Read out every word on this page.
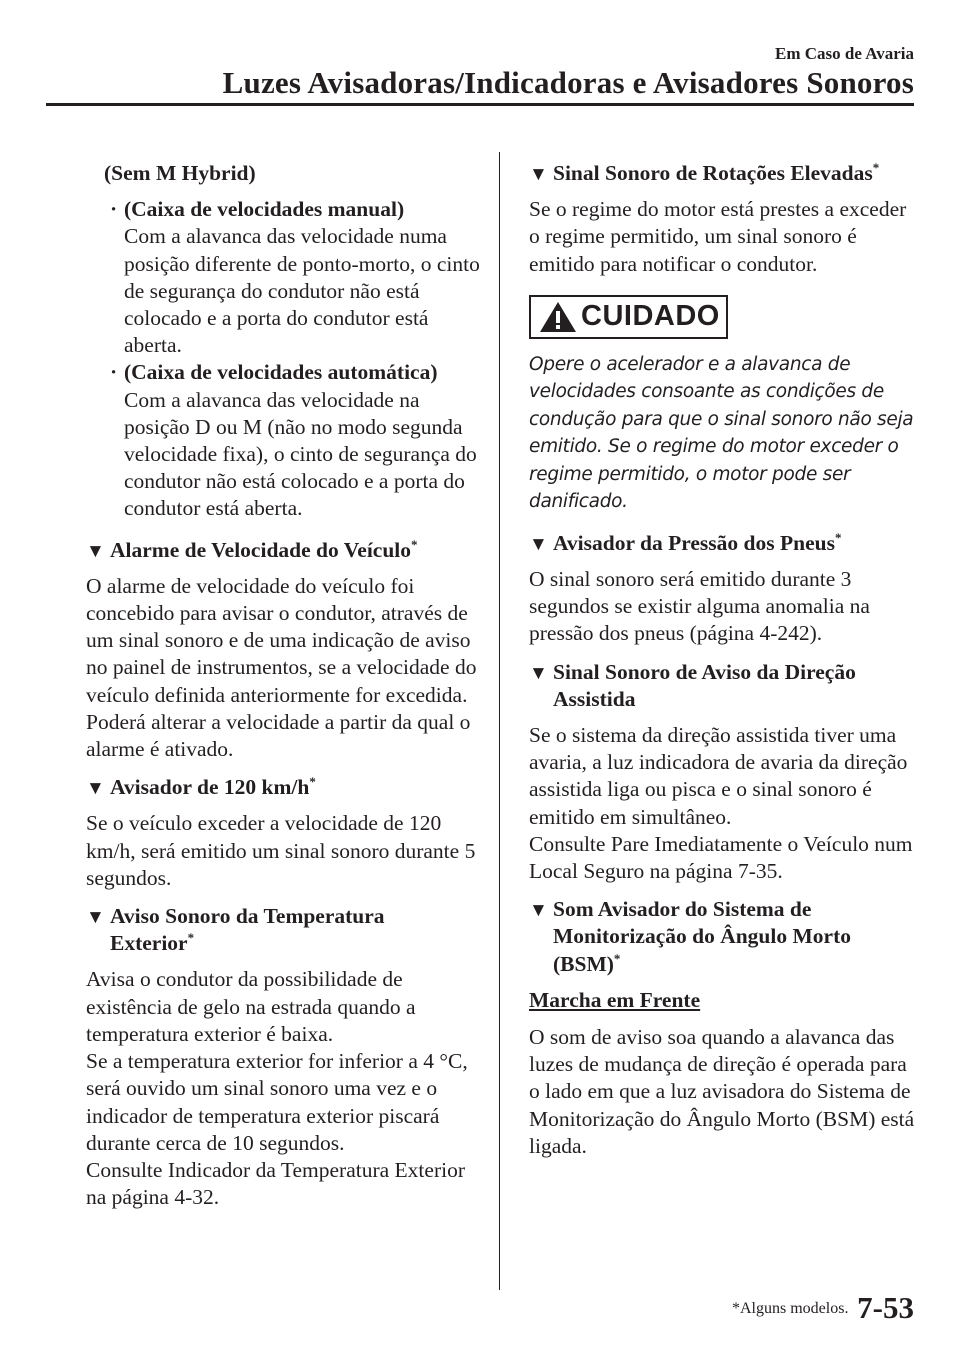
Em Caso de Avaria
Luzes Avisadoras/Indicadoras e Avisadores Sonoros

(Sem M Hybrid)

· (Caixa de velocidades manual)
Com a alavanca das velocidade numa posição diferente de ponto-morto, o cinto de segurança do condutor não está colocado e a porta do condutor está aberta.
· (Caixa de velocidades automática)
Com a alavanca das velocidade na posição D ou M (não no modo segunda velocidade fixa), o cinto de segurança do condutor não está colocado e a porta do condutor está aberta.
▼ Alarme de Velocidade do Veículo*

O alarme de velocidade do veículo foi concebido para avisar o condutor, através de um sinal sonoro e de uma indicação de aviso no painel de instrumentos, se a velocidade do veículo definida anteriormente for excedida.

Poderá alterar a velocidade a partir da qual o alarme é ativado.

▼ Avisador de 120 km/h*

Se o veículo exceder a velocidade de 120 km/h, será emitido um sinal sonoro durante 5 segundos.

▼ Aviso Sonoro da Temperatura
Exterior*

Avisa o condutor da possibilidade de existência de gelo na estrada quando a temperatura exterior é baixa.

Se a temperatura exterior for inferior a 4 °C, será ouvido um sinal sonoro uma vez e o indicador de temperatura exterior piscará durante cerca de 10 segundos.

Consulte Indicador da Temperatura Exterior na página 4-32.

▼ Sinal Sonoro de Rotações Elevadas*

Se o regime do motor está prestes a exceder o regime permitido, um sinal sonoro é emitido para notificar o condutor.

CUIDADO

Opere o acelerador e a alavanca de velocidades consoante as condições de condução para que o sinal sonoro não seja emitido. Se o regime do motor exceder o regime permitido, o motor pode ser danificado.

▼ Avisador da Pressão dos Pneus*

O sinal sonoro será emitido durante 3 segundos se existir alguma anomalia na pressão dos pneus (página 4-242).

▼ Sinal Sonoro de Aviso da Direção
Assistida

Se o sistema da direção assistida tiver uma avaria, a luz indicadora de avaria da direção assistida liga ou pisca e o sinal sonoro é emitido em simultâneo.

Consulte Pare Imediatamente o Veículo num Local Seguro na página 7-35.

▼ Som Avisador do Sistema de
Monitorização do Ângulo Morto
(BSM)*

Marcha em Frente

O som de aviso soa quando a alavanca das luzes de mudança de direção é operada para o lado em que a luz avisadora do Sistema de Monitorização do Ângulo Morto (BSM) está ligada.

*Alguns modelos. 7-53
